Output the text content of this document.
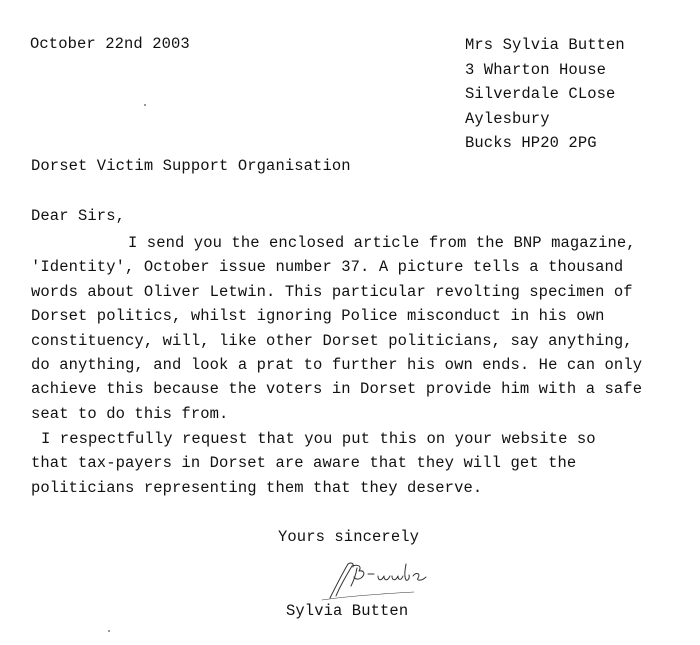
October 22nd 2003	Mrs Sylvia Butten
3 Wharton House
Silverdale CLose
Aylesbury
Bucks HP20 2PG
Dorset Victim Support Organisation
Dear Sirs,
I send you the enclosed article from the BNP magazine,
'Identity', October issue number 37. A picture tells a thousand
words about Oliver Letwin. This particular revolting specimen of
Dorset politics, whilst ignoring Police misconduct in his own
constituency, will, like other Dorset politicians, say anything,
do anything, and look a prat to further his own ends. He can only
achieve this because the voters in Dorset provide him with a safe
seat to do this from.
I respectfully request that you put this on your website so
that tax-payers in Dorset are aware that they will get the
politicians representing them that they deserve.
Yours sincerely
Sylvia Butten
